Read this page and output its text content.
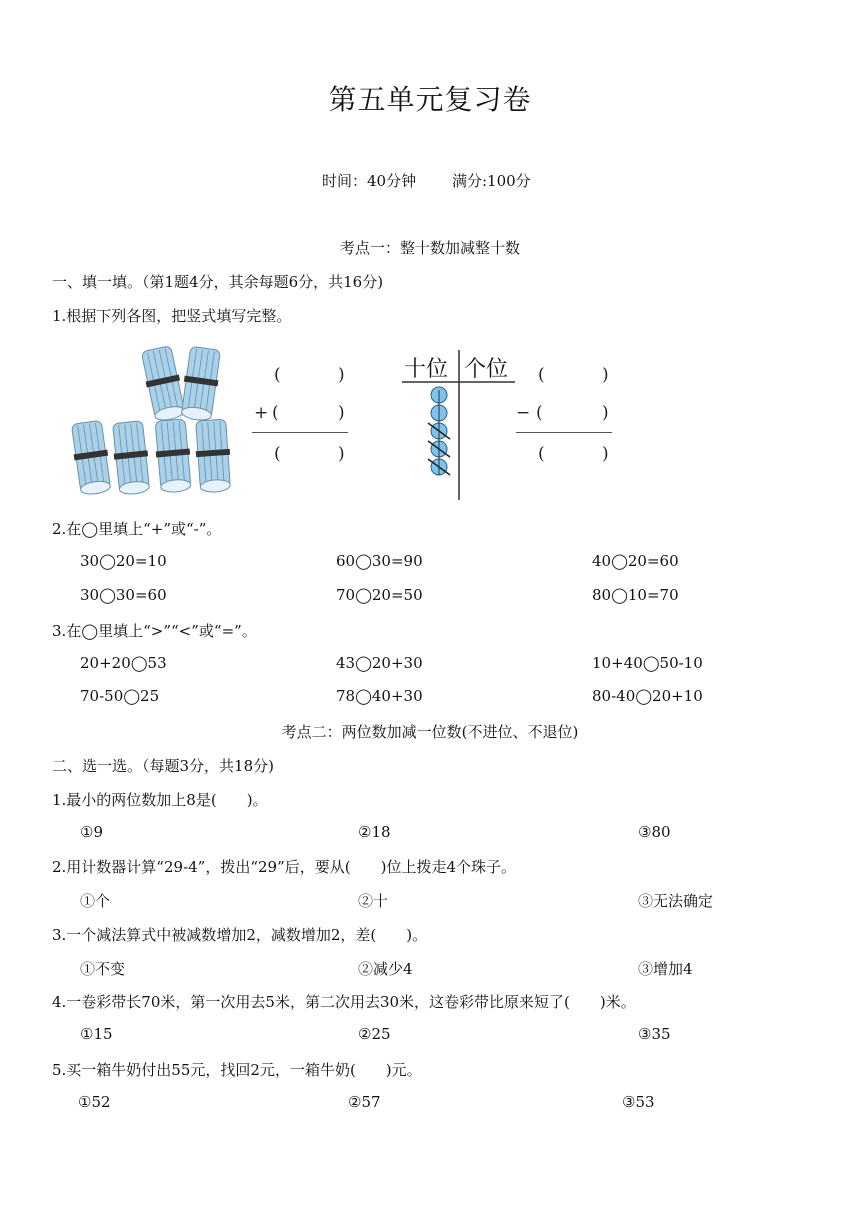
第五单元复习卷
时间：40分钟 满分:100分
考点一：整十数加减整十数
一、填一填。（第1题4分，其余每题6分，共16分)
1.根据下列各图，把竖式填写完整。
(	)
+ (	)
(	)
十位 个位 (	)
− (	)
(	)
2.在◯里填上“+”或“-”。
30◯20=10	60◯30=90	40◯20=60
30◯30=60	70◯20=50	80◯10=70
3.在◯里填上“>”“<”或“=”。
20+20◯53	43◯20+30	10+40◯50-10
70-50◯25	78◯40+30	80-40◯20+10
考点二：两位数加减一位数(不进位、不退位)
二、选一选。（每题3分，共18分)
1.最小的两位数加上8是(　　)。
①9	②18	③80
2.用计数器计算“29-4”，拨出“29”后，要从(　　)位上拨走4个珠子。
①个	②十	③无法确定
3.一个减法算式中被减数增加2，减数增加2，差(　　)。
①不变	②减少4	③增加4
4.一卷彩带长70米，第一次用去5米，第二次用去30米，这卷彩带比原来短了(　　)米。
①15	②25	③35
5.买一箱牛奶付出55元，找回2元，一箱牛奶(　　)元。
①52	②57	③53
